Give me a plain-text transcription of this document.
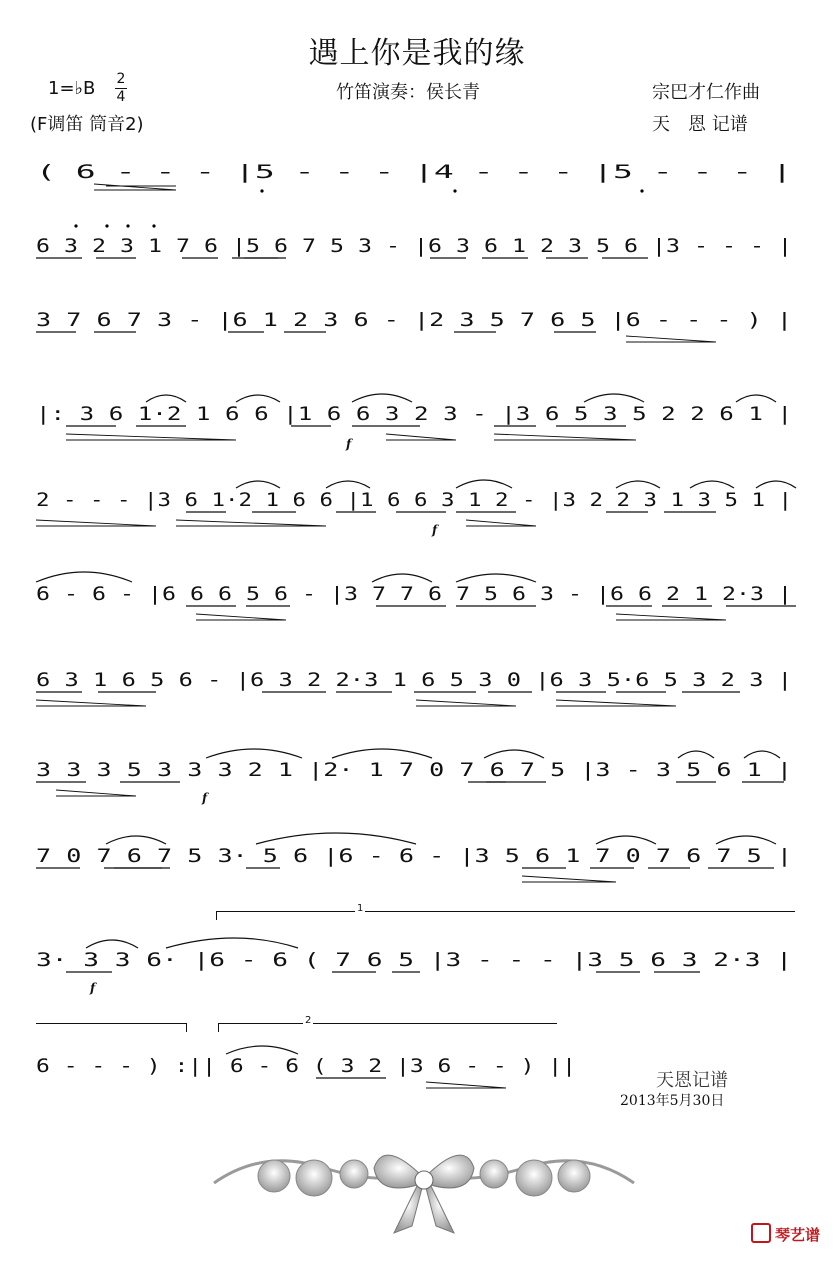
遇上你是我的缘
1=♭B 2
4
(F调笛 筒音2)
竹笛演奏：侯长青	宗巴才仁作曲
天　恩 记谱
( 6 - - - |5 - - - |4 - - - |5 - - - |
6 3 2 3 1 7 6 |5 6 7 5 3 - |6 3 6 1 2 3 5 6 |3 - - - |
3 7 6 7 3 - |6 1 2 3 6 - |2 3 5 7 6 5 |6 - - - ) |
|: 3 6 1·2 1 6 6 |1 6 6 3 2 3 - |3 6 5 3 5 2 2 6 1 |
f
2 - - - |3 6 1·2 1 6 6 |1 6 6 3 1 2 - |3 2 2 3 1 3 5 1 |
f
6 - 6 - |6 6 6 5 6 - |3 7 7 6 7 5 6 3 - |6 6 2 1 2·3 |
6 3 1 6 5 6 - |6 3 2 2·3 1 6 5 3 0 |6 3 5·6 5 3 2 3 |
3 3 3 5 3 3 3 2 1 |2· 1 7 0 7 6 7 5 |3 - 3 5 6 1 |
f
7 0 7 6 7 5 3· 5 6 |6 - 6 - |3 5 6 1 7 0 7 6 7 5 |
1
3· 3 3 6· |6 - 6 ( 7 6 5 |3 - - - |3 5 6 3 2·3 |
f
2
6 - - - ) :|| 6 - 6 ( 3 2 |3 6 - - ) ||
天恩记谱
2013年5月30日
琴艺谱
